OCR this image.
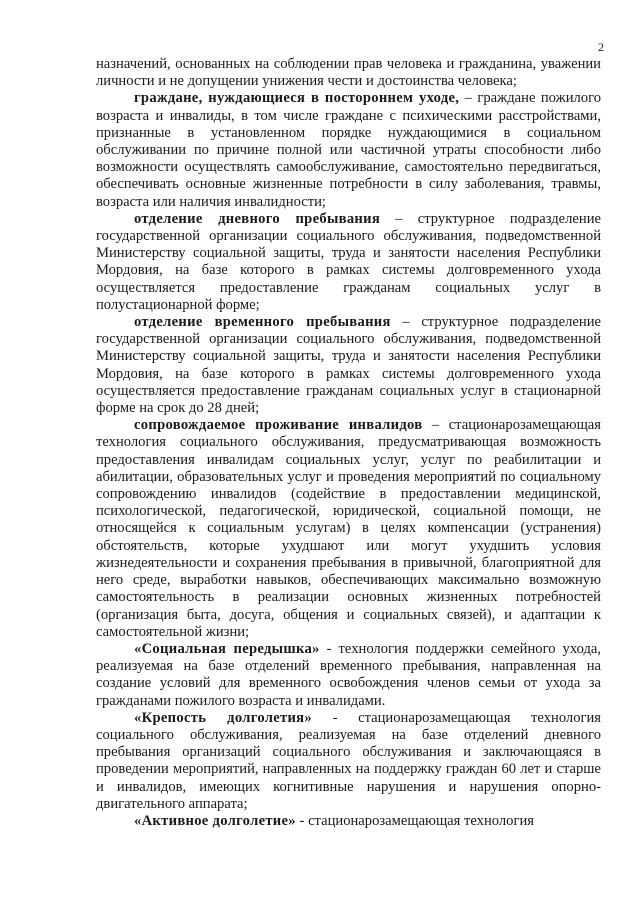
2

назначений, основанных на соблюдении прав человека и гражданина, уважении личности и не допущении унижения чести и достоинства человека;

граждане, нуждающиеся в постороннем уходе, – граждане пожилого возраста и инвалиды, в том числе граждане с психическими расстройствами, признанные в установленном порядке нуждающимися в социальном обслуживании по причине полной или частичной утраты способности либо возможности осуществлять самообслуживание, самостоятельно передвигаться, обеспечивать основные жизненные потребности в силу заболевания, травмы, возраста или наличия инвалидности;

отделение дневного пребывания – структурное подразделение государственной организации социального обслуживания, подведомственной Министерству социальной защиты, труда и занятости населения Республики Мордовия, на базе которого в рамках системы долговременного ухода осуществляется предоставление гражданам социальных услуг в полустационарной форме;

отделение временного пребывания – структурное подразделение государственной организации социального обслуживания, подведомственной Министерству социальной защиты, труда и занятости населения Республики Мордовия, на базе которого в рамках системы долговременного ухода осуществляется предоставление гражданам социальных услуг в стационарной форме на срок до 28 дней;

сопровождаемое проживание инвалидов – стационарозамещающая технология социального обслуживания, предусматривающая возможность предоставления инвалидам социальных услуг, услуг по реабилитации и абилитации, образовательных услуг и проведения мероприятий по социальному сопровождению инвалидов (содействие в предоставлении медицинской, психологической, педагогической, юридической, социальной помощи, не относящейся к социальным услугам) в целях компенсации (устранения) обстоятельств, которые ухудшают или могут ухудшить условия жизнедеятельности и сохранения пребывания в привычной, благоприятной для него среде, выработки навыков, обеспечивающих максимально возможную самостоятельность в реализации основных жизненных потребностей (организация быта, досуга, общения и социальных связей), и адаптации к самостоятельной жизни;

«Социальная передышка» - технология поддержки семейного ухода, реализуемая на базе отделений временного пребывания, направленная на создание условий для временного освобождения членов семьи от ухода за гражданами пожилого возраста и инвалидами.

«Крепость долголетия» - стационарозамещающая технология социального обслуживания, реализуемая на базе отделений дневного пребывания организаций социального обслуживания и заключающаяся в проведении мероприятий, направленных на поддержку граждан 60 лет и старше и инвалидов, имеющих когнитивные нарушения и нарушения опорно-двигательного аппарата;

«Активное долголетие» - стационарозамещающая технология
